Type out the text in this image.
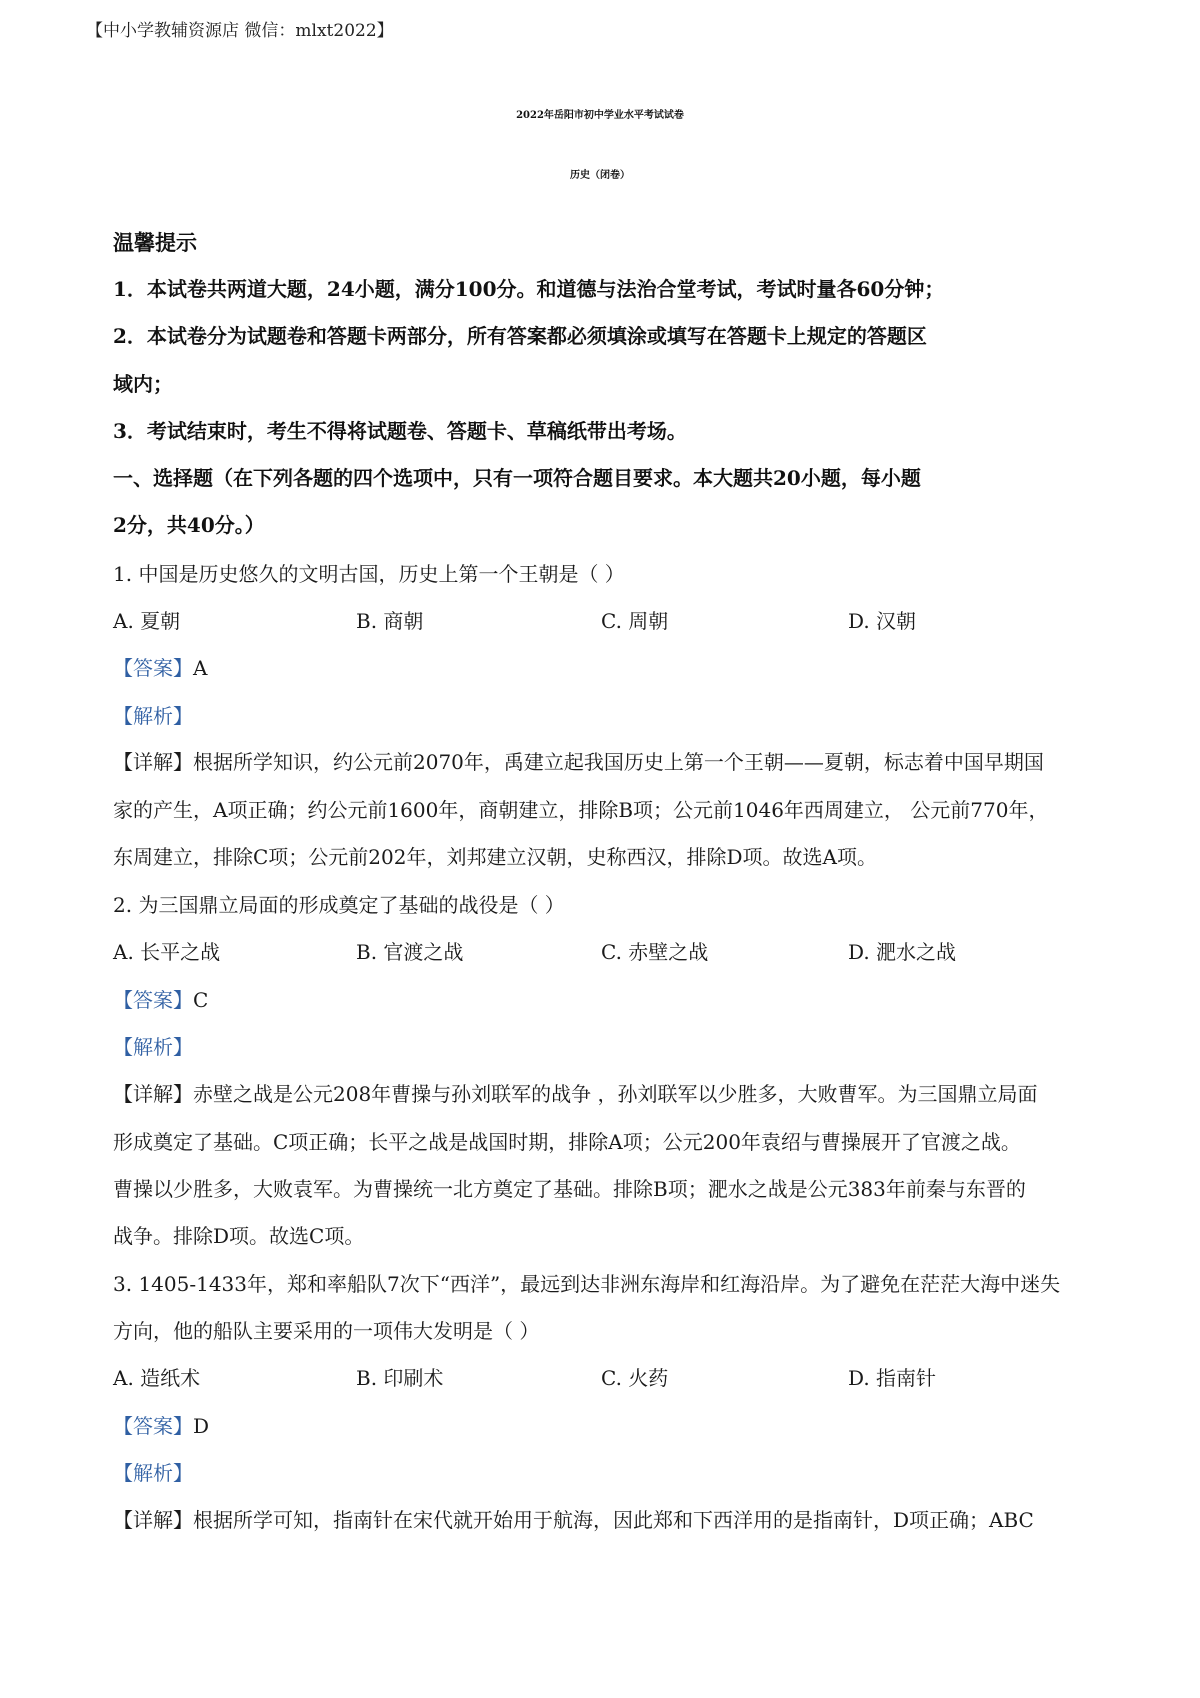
【中小学教辅资源店 微信：mlxt2022】
2022年岳阳市初中学业水平考试试卷
历史（闭卷）
温馨提示
1．本试卷共两道大题，24小题，满分100分。和道德与法治合堂考试，考试时量各60分钟；
2．本试卷分为试题卷和答题卡两部分，所有答案都必须填涂或填写在答题卡上规定的答题区
域内；
3．考试结束时，考生不得将试题卷、答题卡、草稿纸带出考场。
一、选择题（在下列各题的四个选项中，只有一项符合题目要求。本大题共20小题，每小题
2分，共40分。）
1. 中国是历史悠久的文明古国，历史上第一个王朝是（ ）
A. 夏朝	B. 商朝	C. 周朝	D. 汉朝
【答案】A
【解析】
【详解】根据所学知识，约公元前2070年，禹建立起我国历史上第一个王朝——夏朝，标志着中国早期国
家的产生，A项正确；约公元前1600年，商朝建立，排除B项；公元前1046年西周建立， 公元前770年，
东周建立，排除C项；公元前202年，刘邦建立汉朝，史称西汉，排除D项。故选A项。
2. 为三国鼎立局面的形成奠定了基础的战役是（ ）
A. 长平之战	B. 官渡之战	C. 赤壁之战	D. 淝水之战
【答案】C
【解析】
【详解】赤壁之战是公元208年曹操与孙刘联军的战争 ，孙刘联军以少胜多，大败曹军。为三国鼎立局面
形成奠定了基础。C项正确；长平之战是战国时期，排除A项；公元200年袁绍与曹操展开了官渡之战。
曹操以少胜多，大败袁军。为曹操统一北方奠定了基础。排除B项；淝水之战是公元383年前秦与东晋的
战争。排除D项。故选C项。
3. 1405-1433年，郑和率船队7次下“西洋”，最远到达非洲东海岸和红海沿岸。为了避免在茫茫大海中迷失
方向，他的船队主要采用的一项伟大发明是（ ）
A. 造纸术	B. 印刷术	C. 火药	D. 指南针
【答案】D
【解析】
【详解】根据所学可知，指南针在宋代就开始用于航海，因此郑和下西洋用的是指南针，D项正确；ABC
